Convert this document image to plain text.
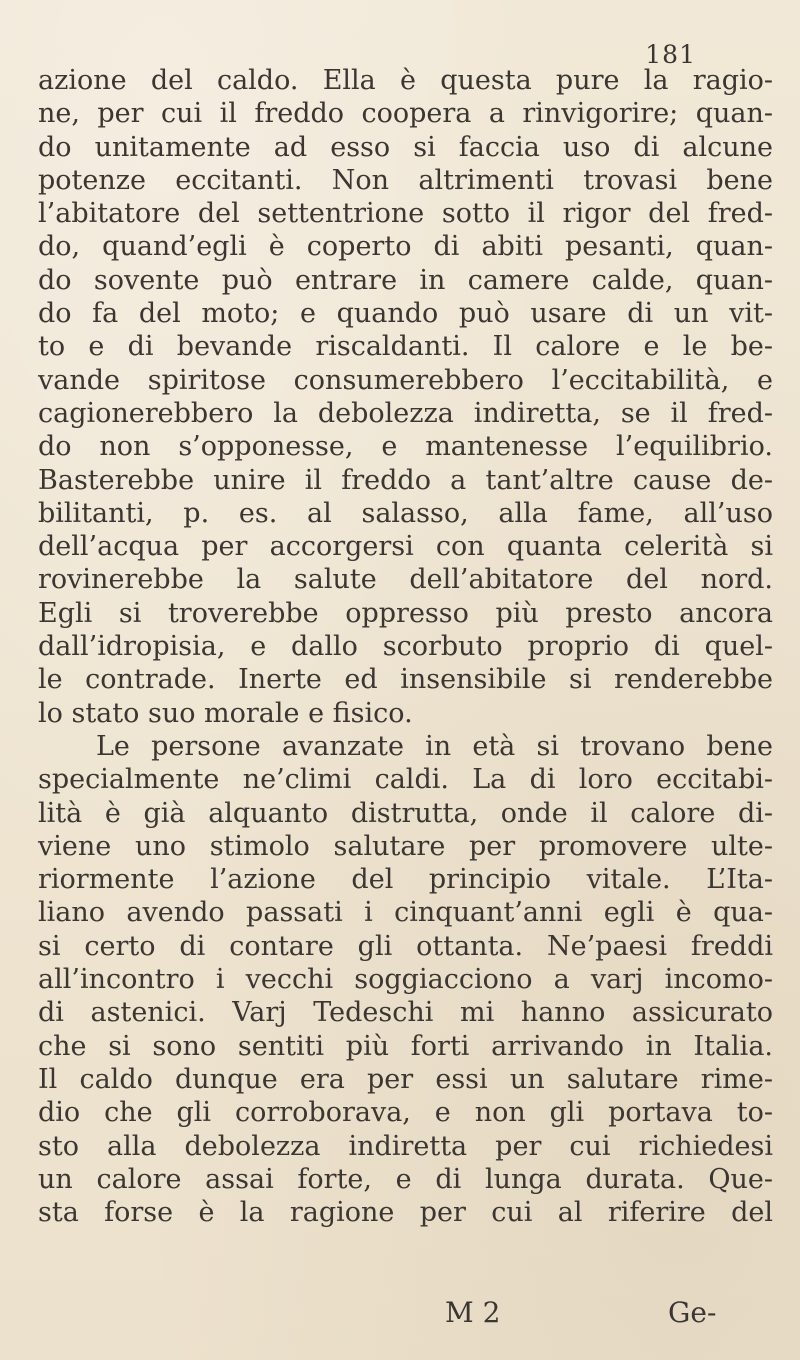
181
azione del caldo. Ella è questa pure la ragio-
ne, per cui il freddo coopera a rinvigorire; quan-
do unitamente ad esso si faccia uso di alcune
potenze eccitanti. Non altrimenti trovasi bene
l’abitatore del settentrione sotto il rigor del fred-
do, quand’egli è coperto di abiti pesanti, quan-
do sovente può entrare in camere calde, quan-
do fa del moto; e quando può usare di un vit-
to e di bevande riscaldanti. Il calore e le be-
vande spiritose consumerebbero l’eccitabilità, e
cagionerebbero la debolezza indiretta, se il fred-
do non s’opponesse, e mantenesse l’equilibrio.
Basterebbe unire il freddo a tant’altre cause de-
bilitanti, p. es. al salasso, alla fame, all’uso
dell’acqua per accorgersi con quanta celerità si
rovinerebbe la salute dell’abitatore del nord.
Egli si troverebbe oppresso più presto ancora
dall’idropisia, e dallo scorbuto proprio di quel-
le contrade. Inerte ed insensibile si renderebbe
lo stato suo morale e fisico.
Le persone avanzate in età si trovano bene
specialmente ne’climi caldi. La di loro eccitabi-
lità è già alquanto distrutta, onde il calore di-
viene uno stimolo salutare per promovere ulte-
riormente l’azione del principio vitale. L’Ita-
liano avendo passati i cinquant’anni egli è qua-
si certo di contare gli ottanta. Ne’paesi freddi
all’incontro i vecchi soggiacciono a varj incomo-
di astenici. Varj Tedeschi mi hanno assicurato
che si sono sentiti più forti arrivando in Italia.
Il caldo dunque era per essi un salutare rime-
dio che gli corroborava, e non gli portava to-
sto alla debolezza indiretta per cui richiedesi
un calore assai forte, e di lunga durata. Que-
sta forse è la ragione per cui al riferire del
M 2	Ge-
